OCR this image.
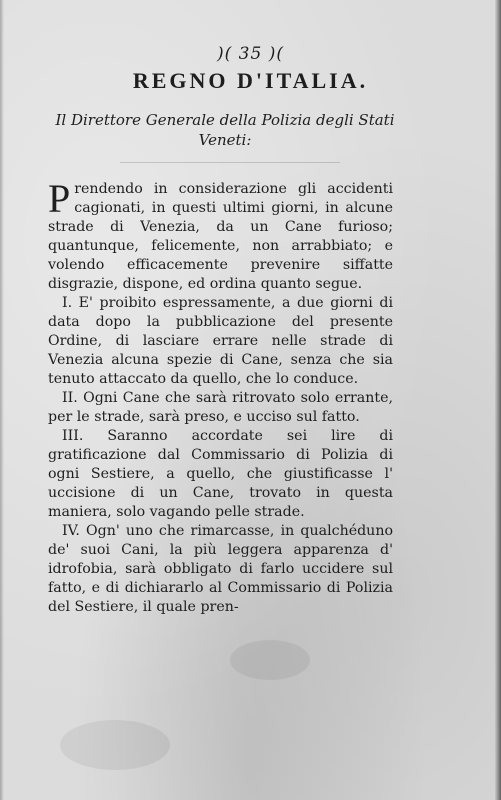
)( 35 )(
REGNO D'ITALIA.
Il Direttore Generale della Polizia degli Stati Veneti:

Prendendo in considerazione gli accidenti cagionati, in questi ultimi giorni, in alcune strade di Venezia, da un Cane furioso; quantunque, felicemente, non arrabbiato; e volendo efficacemente prevenire siffatte disgrazie, dispone, ed ordina quanto segue.

I. E' proibito espressamente, a due giorni di data dopo la pubblicazione del presente Ordine, di lasciare errare nelle strade di Venezia alcuna spezie di Cane, senza che sia tenuto attaccato da quello, che lo conduce.

II. Ogni Cane che sarà ritrovato solo errante, per le strade, sarà preso, e ucciso sul fatto.

III. Saranno accordate sei lire di gratificazione dal Commissario di Polizia di ogni Sestiere, a quello, che giustificasse l' uccisione di un Cane, trovato in questa maniera, solo vagando pelle strade.

IV. Ogn' uno che rimarcasse, in qualchéduno de' suoi Cani, la più leggera apparenza d' idrofobia, sarà obbligato di farlo uccidere sul fatto, e di dichiararlo al Commissario di Polizia del Sestiere, il quale pren-
